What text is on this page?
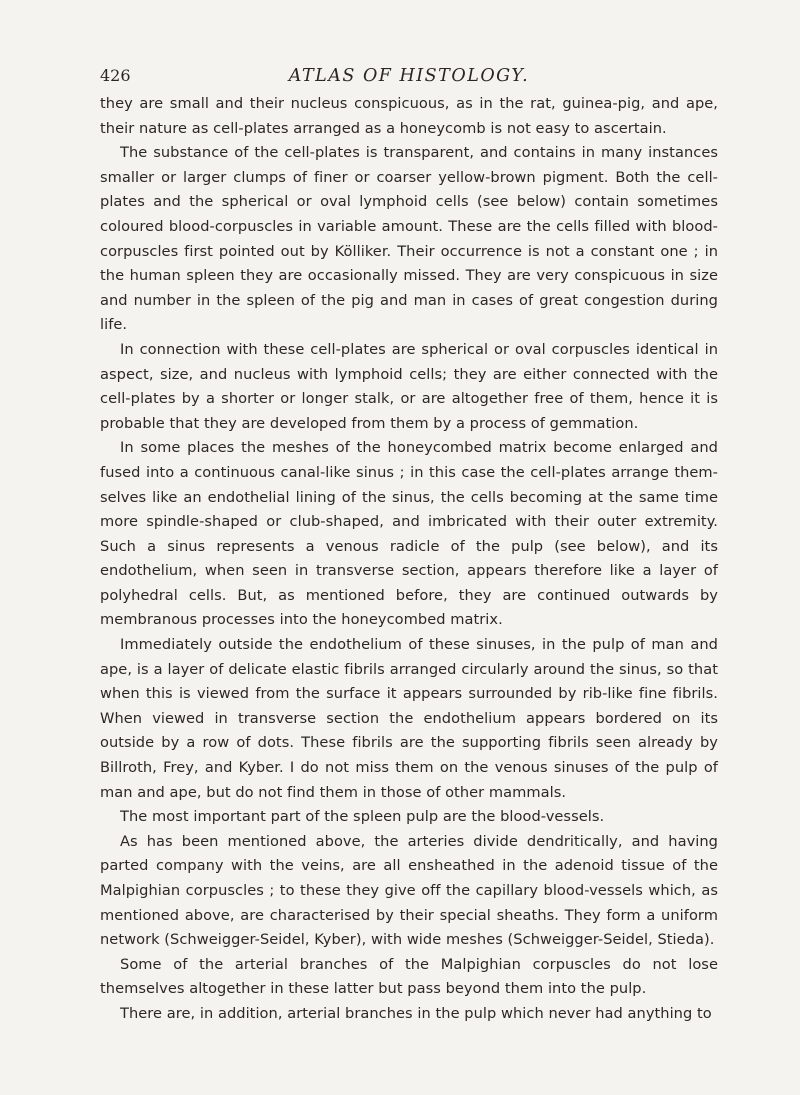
426	ATLAS OF HISTOLOGY.

they are small and their nucleus conspicuous, as in the rat, guinea-pig, and ape, their nature as cell-plates arranged as a honeycomb is not easy to ascertain.

The substance of the cell-plates is transparent, and contains in many instances smaller or larger clumps of finer or coarser yellow-brown pigment. Both the cell-plates and the spherical or oval lymphoid cells (see below) contain sometimes coloured blood-corpuscles in variable amount. These are the cells filled with blood-corpuscles first pointed out by Kölliker. Their occurrence is not a constant one ; in the human spleen they are occasionally missed. They are very conspicuous in size and number in the spleen of the pig and man in cases of great congestion during life.

In connection with these cell-plates are spherical or oval corpuscles identical in aspect, size, and nucleus with lymphoid cells; they are either connected with the cell-plates by a shorter or longer stalk, or are altogether free of them, hence it is probable that they are developed from them by a process of gemmation.

In some places the meshes of the honeycombed matrix become enlarged and fused into a continuous canal-like sinus ; in this case the cell-plates arrange them-selves like an endothelial lining of the sinus, the cells becoming at the same time more spindle-shaped or club-shaped, and imbricated with their outer extremity. Such a sinus represents a venous radicle of the pulp (see below), and its endothelium, when seen in transverse section, appears therefore like a layer of polyhedral cells. But, as mentioned before, they are continued outwards by membranous processes into the honeycombed matrix.

Immediately outside the endothelium of these sinuses, in the pulp of man and ape, is a layer of delicate elastic fibrils arranged circularly around the sinus, so that when this is viewed from the surface it appears surrounded by rib-like fine fibrils. When viewed in transverse section the endothelium appears bordered on its outside by a row of dots. These fibrils are the supporting fibrils seen already by Billroth, Frey, and Kyber. I do not miss them on the venous sinuses of the pulp of man and ape, but do not find them in those of other mammals.

The most important part of the spleen pulp are the blood-vessels.

As has been mentioned above, the arteries divide dendritically, and having parted company with the veins, are all ensheathed in the adenoid tissue of the Malpighian corpuscles ; to these they give off the capillary blood-vessels which, as mentioned above, are characterised by their special sheaths. They form a uniform network (Schweigger-Seidel, Kyber), with wide meshes (Schweigger-Seidel, Stieda).

Some of the arterial branches of the Malpighian corpuscles do not lose themselves altogether in these latter but pass beyond them into the pulp.

There are, in addition, arterial branches in the pulp which never had anything to
